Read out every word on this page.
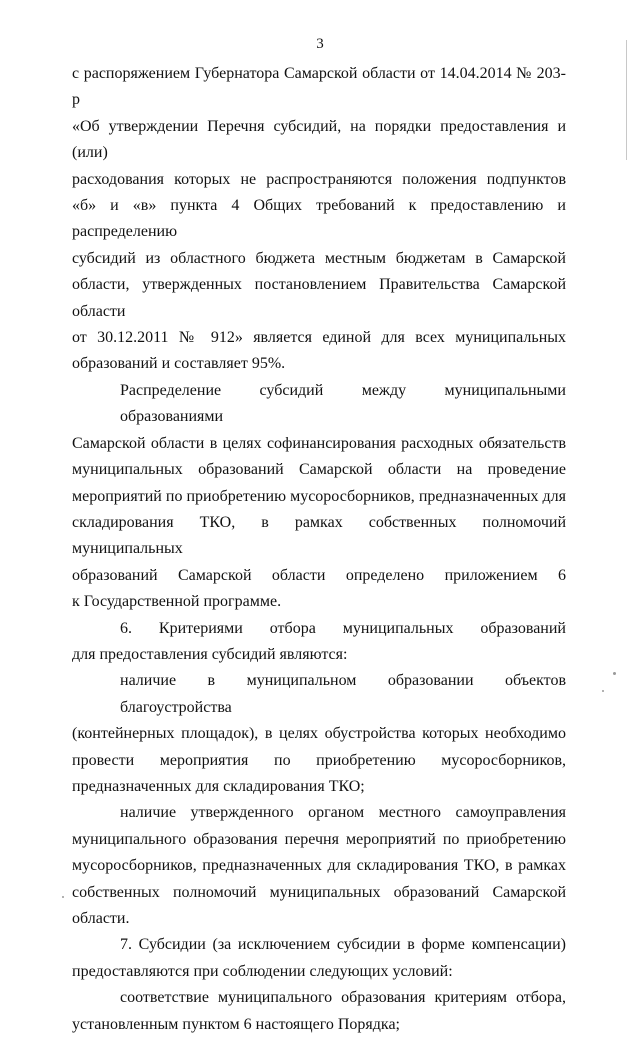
3
с распоряжением Губернатора Самарской области от 14.04.2014 № 203-р
«Об утверждении Перечня субсидий, на порядки предоставления и (или)
расходования которых не распространяются положения подпунктов
«б» и «в» пункта 4 Общих требований к предоставлению и распределению
субсидий из областного бюджета местным бюджетам в Самарской
области, утвержденных постановлением Правительства Самарской области
от 30.12.2011 № 912» является единой для всех муниципальных
образований и составляет 95%.
Распределение субсидий между муниципальными образованиями
Самарской области в целях софинансирования расходных обязательств
муниципальных образований Самарской области на проведение
мероприятий по приобретению мусоросборников, предназначенных для
складирования ТКО, в рамках собственных полномочий муниципальных
образований Самарской области определено приложением 6
к Государственной программе.
6. Критериями отбора муниципальных образований
для предоставления субсидий являются:
наличие в муниципальном образовании объектов благоустройства
(контейнерных площадок), в целях обустройства которых необходимо
провести мероприятия по приобретению мусоросборников,
предназначенных для складирования ТКО;
наличие утвержденного органом местного самоуправления
муниципального образования перечня мероприятий по приобретению
мусоросборников, предназначенных для складирования ТКО, в рамках
собственных полномочий муниципальных образований Самарской
области.
7. Субсидии (за исключением субсидии в форме компенсации)
предоставляются при соблюдении следующих условий:
соответствие муниципального образования критериям отбора,
установленным пунктом 6 настоящего Порядка;
